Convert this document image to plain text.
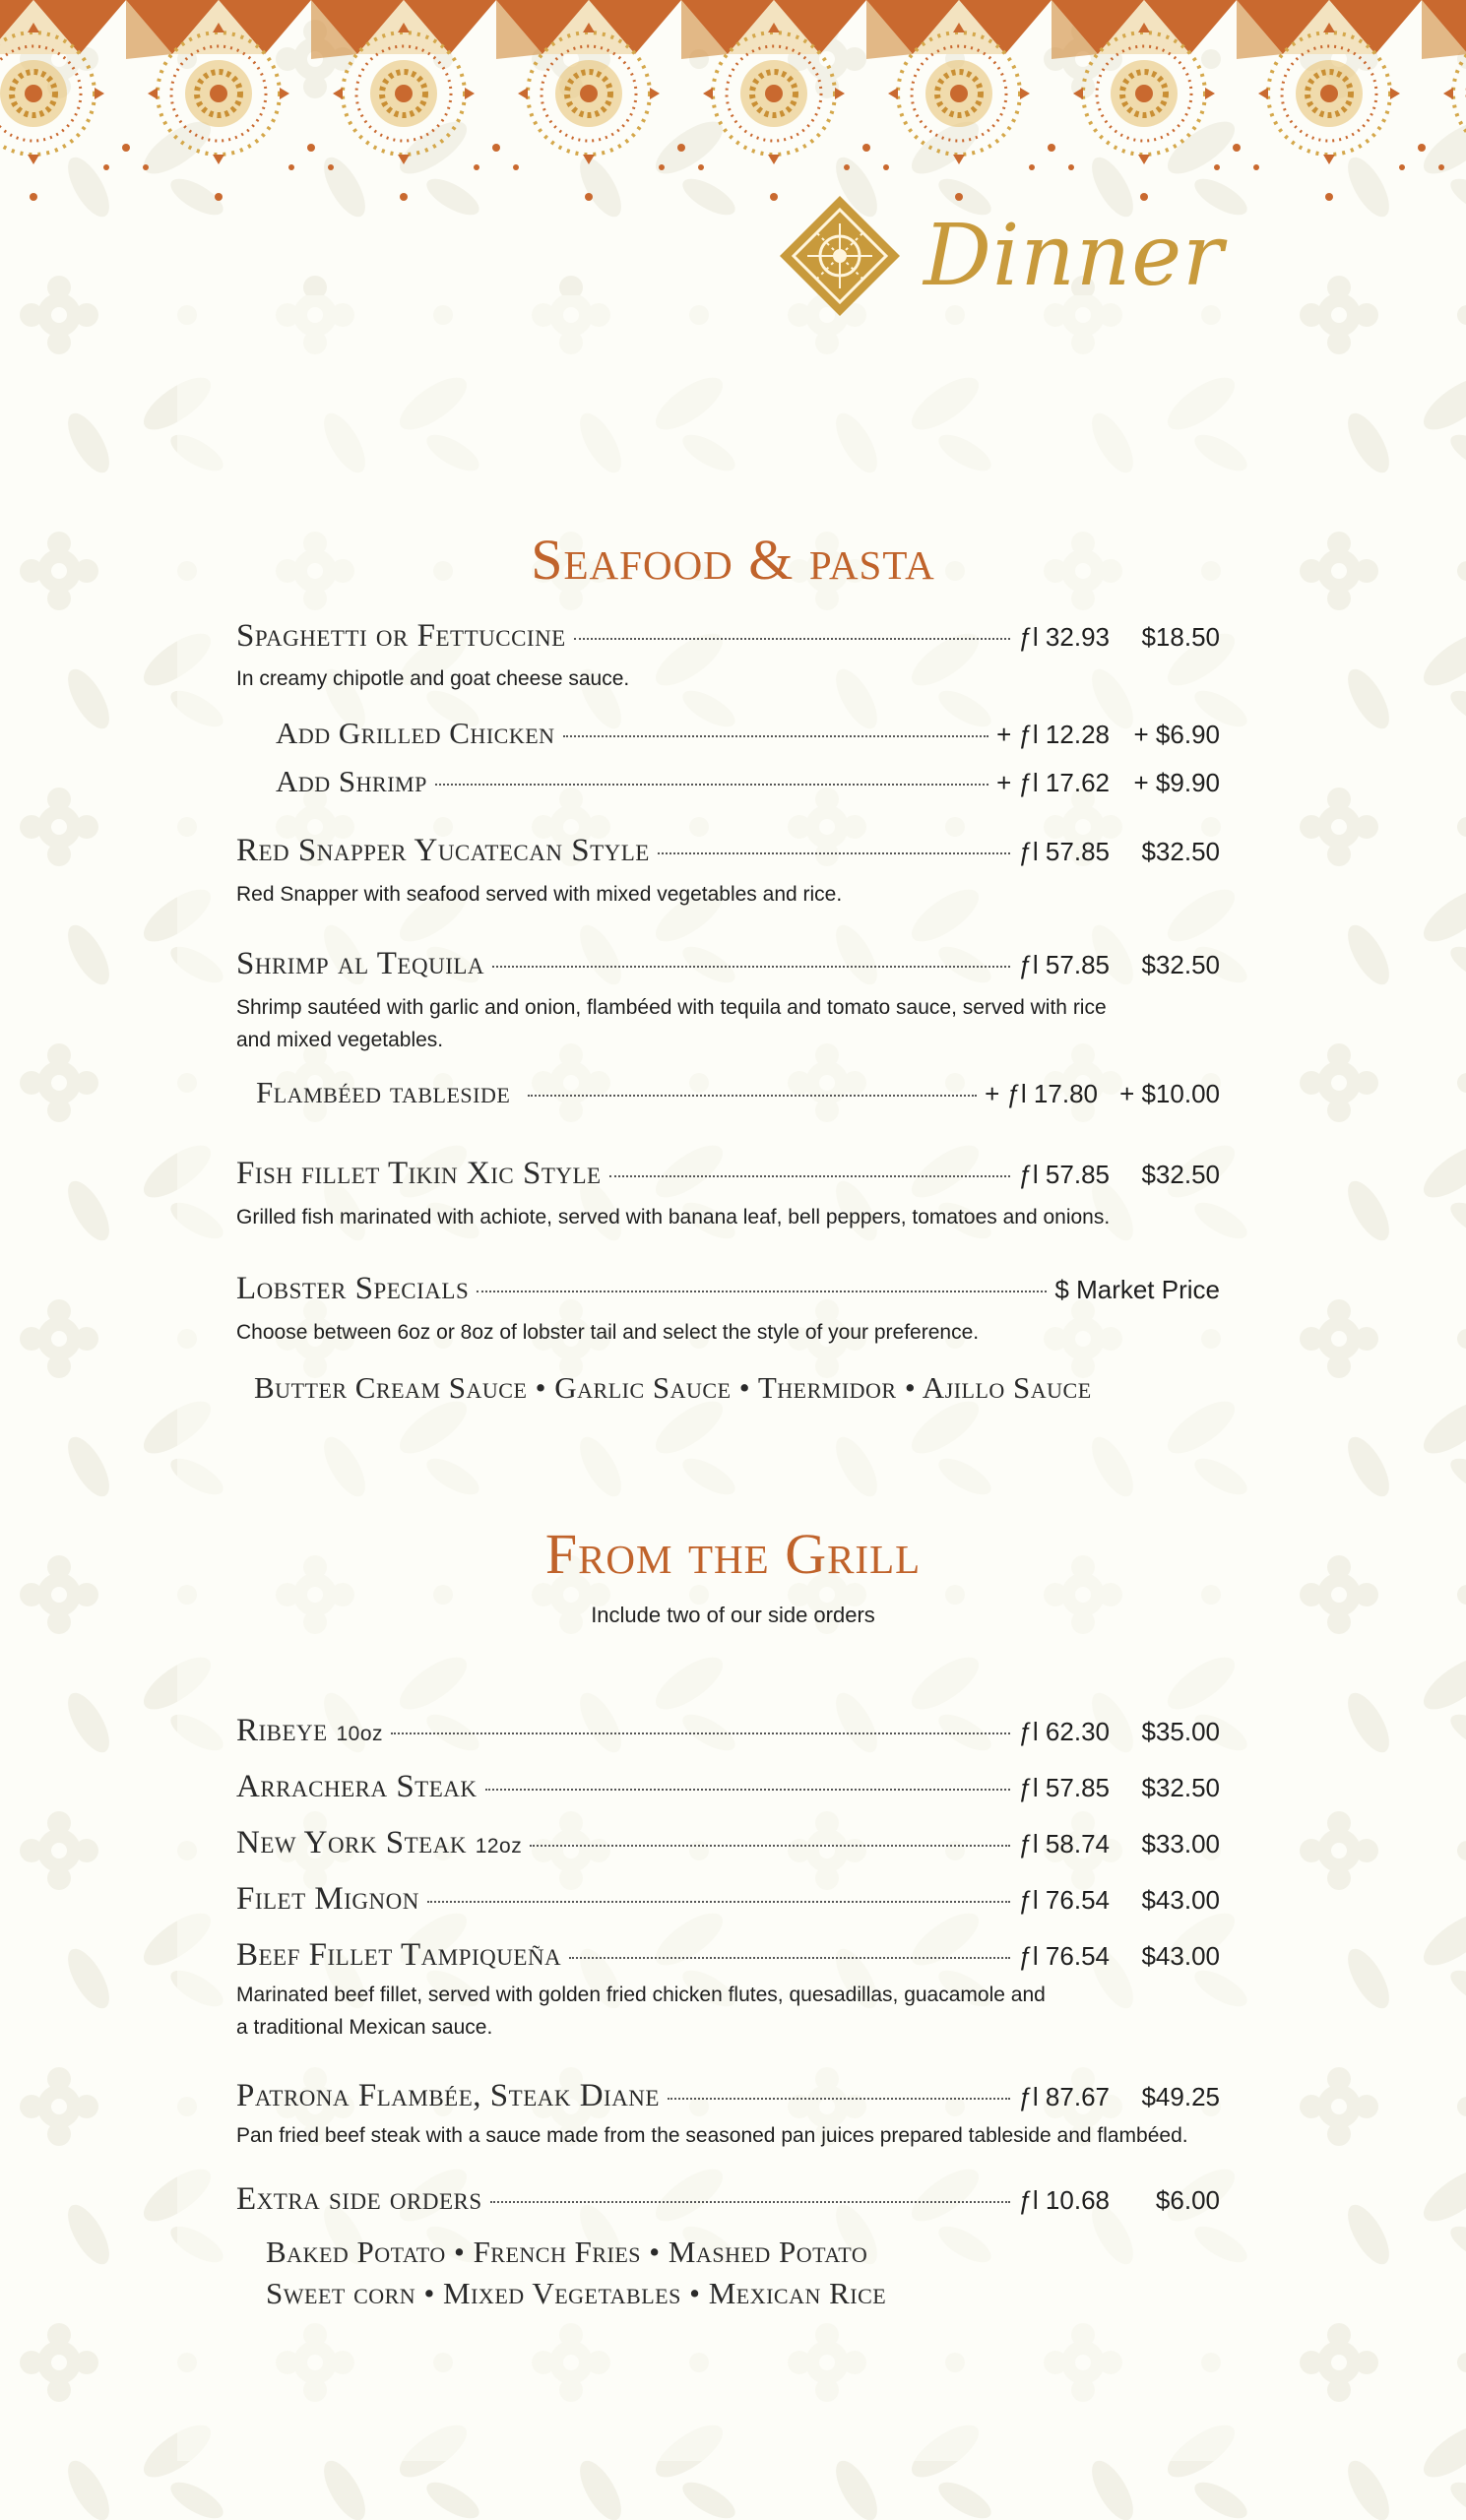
Dinner
Seafood & pasta
Spaghetti or Fettuccine	ƒl 32.93	$18.50
In creamy chipotle and goat cheese sauce.
Add Grilled Chicken	+ ƒl 12.28 + $6.90
Add Shrimp	+ ƒl 17.62 + $9.90
Red Snapper Yucatecan Style	ƒl 57.85	$32.50
Red Snapper with seafood served with mixed vegetables and rice.
Shrimp al Tequila	ƒl 57.85	$32.50
Shrimp sautéed with garlic and onion, flambéed with tequila and tomato sauce, served with rice
and mixed vegetables.
Flambéed tableside	+ ƒl 17.80 + $10.00
Fish fillet Tikin Xic Style	ƒl 57.85	$32.50
Grilled fish marinated with achiote, served with banana leaf, bell peppers, tomatoes and onions.
Lobster Specials	$ Market Price
Choose between 6oz or 8oz of lobster tail and select the style of your preference.
Butter Cream Sauce • Garlic Sauce • Thermidor • Ajillo Sauce
From the Grill
Include two of our side orders
Ribeye 10oz	ƒl 62.30	$35.00
Arrachera Steak	ƒl 57.85	$32.50
New York Steak 12oz	ƒl 58.74	$33.00
Filet Mignon	ƒl 76.54	$43.00
Beef Fillet Tampiqueña	ƒl 76.54	$43.00
Marinated beef fillet, served with golden fried chicken flutes, quesadillas, guacamole and
a traditional Mexican sauce.
Patrona Flambée, Steak Diane	ƒl 87.67	$49.25
Pan fried beef steak with a sauce made from the seasoned pan juices prepared tableside and flambéed.
Extra side orders	ƒl 10.68	$6.00
Baked Potato • French Fries • Mashed Potato
Sweet corn • Mixed Vegetables • Mexican Rice
